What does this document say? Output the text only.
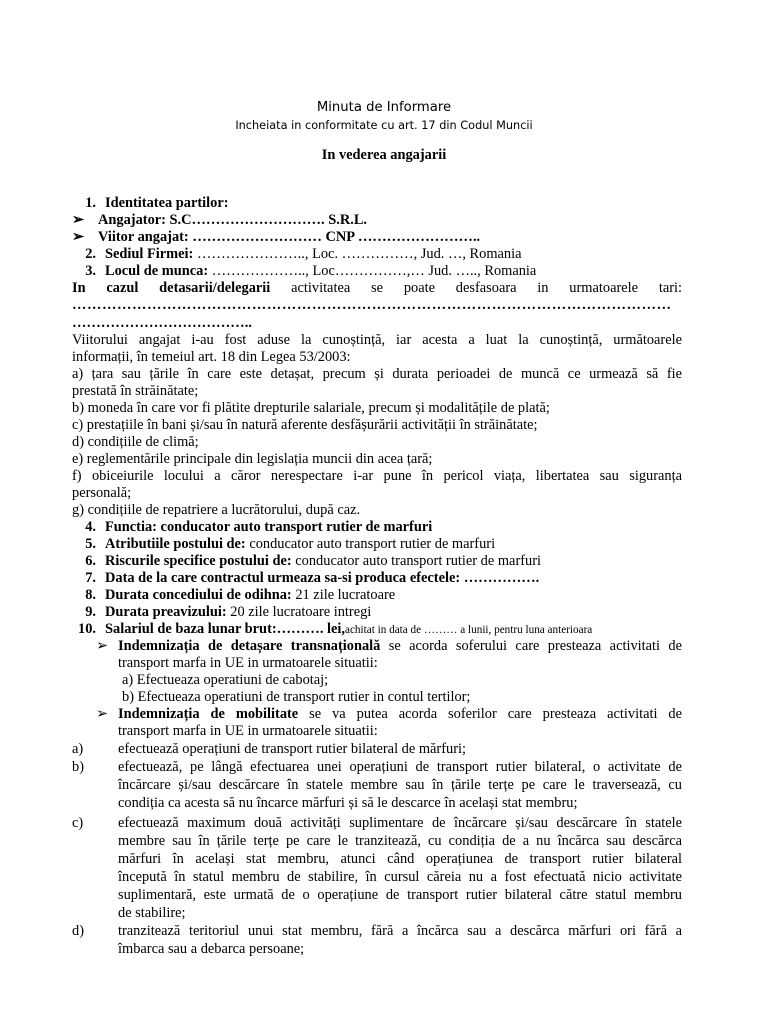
Minuta de Informare
Incheiata in conformitate cu art. 17 din Codul Muncii
In vederea angajarii
1. Identitatea partilor:
➢ Angajator: S.C………………………. S.R.L.
➢ Viitor angajat: ……………………… CNP ……………………..
2. Sediul Firmei: ………………….., Loc. ……………, Jud. …, Romania
3. Locul de munca: ……………….., Loc……………,… Jud. ….., Romania
In cazul detasarii/delegarii activitatea se poate desfasoara in urmatoarele tari:
…………………………………………………………………………………………………………
………………………………..
Viitorului angajat i-au fost aduse la cunoștință, iar acesta a luat la cunoștință, următoarele
informații, în temeiul art. 18 din Legea 53/2003:
a) țara sau țările în care este detașat, precum și durata perioadei de muncă ce urmează să fie
prestată în străinătate;
b) moneda în care vor fi plătite drepturile salariale, precum și modalitățile de plată;
c) prestațiile în bani și/sau în natură aferente desfășurării activității în străinătate;
d) condițiile de climă;
e) reglementările principale din legislația muncii din acea țară;
f) obiceiurile locului a căror nerespectare i-ar pune în pericol viața, libertatea sau siguranța
personală;
g) condițiile de repatriere a lucrătorului, după caz.
4. Functia: conducator auto transport rutier de marfuri
5. Atributiile postului de: conducator auto transport rutier de marfuri
6. Riscurile specifice postului de: conducator auto transport rutier de marfuri
7. Data de la care contractul urmeaza sa-si produca efectele: …………….
8. Durata concediului de odihna: 21 zile lucratoare
9. Durata preavizului: 20 zile lucratoare intregi
10. Salariul de baza lunar brut:………. lei,achitat in data de ……… a lunii, pentru luna anterioara
➢ Indemnizația de detașare transnațională se acorda soferului care presteaza activitati de
transport marfa in UE in urmatoarele situatii:
a) Efectueaza operatiuni de cabotaj;
b) Efectueaza operatiuni de transport rutier in contul tertilor;
➢ Indemnizația de mobilitate se va putea acorda soferilor care presteaza activitati de
transport marfa in UE in urmatoarele situatii:
a) efectuează operațiuni de transport rutier bilateral de mărfuri;
b) efectuează, pe lângă efectuarea unei operațiuni de transport rutier bilateral, o activitate de
încărcare și/sau descărcare în statele membre sau în țările terțe pe care le traversează, cu
condiția ca acesta să nu încarce mărfuri și să le descarce în același stat membru;
c) efectuează maximum două activități suplimentare de încărcare și/sau descărcare în statele
membre sau în țările terțe pe care le tranzitează, cu condiția de a nu încărca sau descărca
mărfuri în același stat membru, atunci când operațiunea de transport rutier bilateral
începută în statul membru de stabilire, în cursul căreia nu a fost efectuată nicio activitate
suplimentară, este urmată de o operațiune de transport rutier bilateral către statul membru
de stabilire;
d) tranzitează teritoriul unui stat membru, fără a încărca sau a descărca mărfuri ori fără a
îmbarca sau a debarca persoane;
